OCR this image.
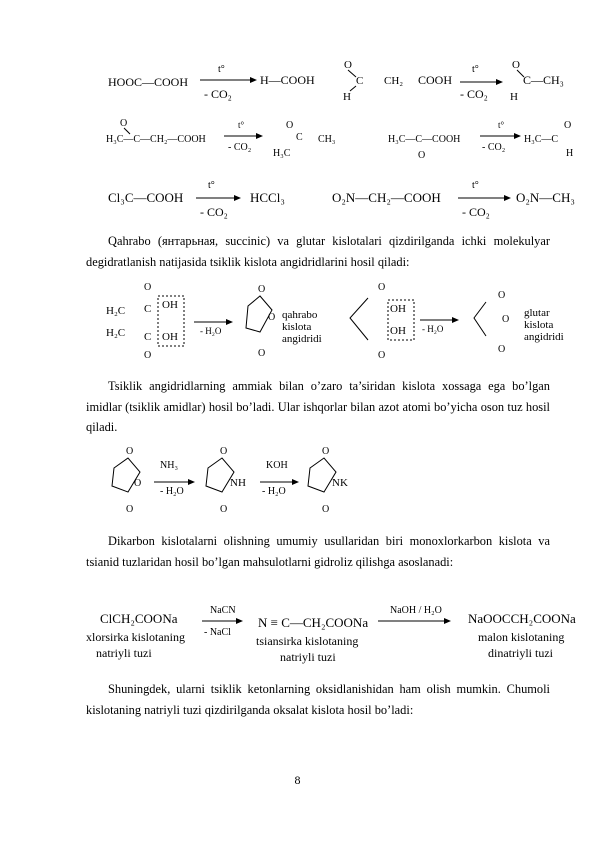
HOOC—COOH
t°
- CO₂
H—COOH
O
C
H
CH₂ COOH
t°
- CO₂
O
C—CH₃
H
O
H₃C—C—CH₂—COOH
t°
- CO₂
O
C CH₃
H₃C
H₃C—C—COOH
O
t°
- CO₂
H₃C—C
O
H
Cl₃C—COOH
t°
- CO₂
HCCl₃	O₂N—CH₂—COOH
t°
- CO₂
O₂N—CH₃
Qahrabo (янтарьная, succinic) va glutar kislotalari qizdirilganda ichki molekulyar degidratlanish natijasida tsiklik kislota angidridlarini hosil qiladi:
O
H₂C
H₂C
C
C
OH
OH
O
- H₂O
O
O
O
qahrabo
kislota
angidridi
O
OH
OH
O
- H₂O
O
O
O
glutar
kislota
angidridi
Tsiklik angidridlarning ammiak bilan o’zaro ta’siridan kislota xossaga ega bo’lgan imidlar (tsiklik amidlar) hosil bo’ladi. Ular ishqorlar bilan azot atomi bo’yicha oson tuz hosil qiladi.
O
O
O
NH₃
- H₂O
O
NH
O
KOH
- H₂O
O
NK
O
Dikarbon kislotalarni olishning umumiy usullaridan biri monoxlorkarbon kislota va tsianid tuzlaridan hosil bo’lgan mahsulotlarni gidroliz qilishga asoslanadi:
ClCH₂COONa
xlorsirka kislotaning
natriyli tuzi
NaCN
- NaCl
N ≡ C—CH₂COONa
tsiansirka kislotaning
natriyli tuzi
NaOH / H₂O
NaOOCCH₂COONa
malon kislotaning
dinatriyli tuzi
Shuningdek, ularni tsiklik ketonlarning oksidlanishidan ham olish mumkin. Chumoli kislotaning natriyli tuzi qizdirilganda oksalat kislota hosil bo’ladi:
8
